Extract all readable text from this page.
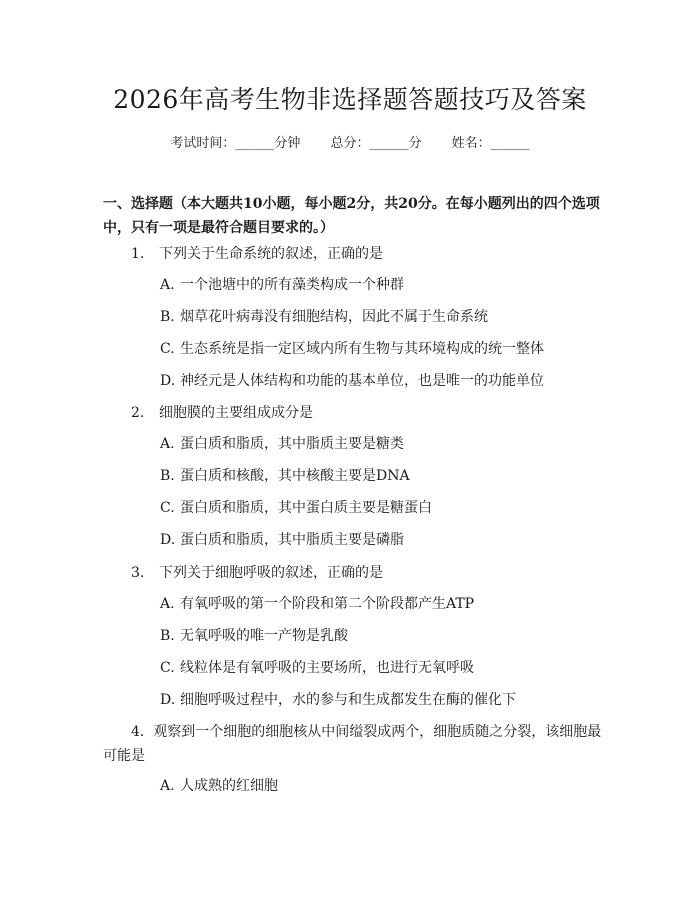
2026年高考生物非选择题答题技巧及答案
考试时间：______分钟 总分：______分 姓名：______

一、选择题（本大题共10小题，每小题2分，共20分。在每小题列出的四个选项中，只有一项是最符合题目要求的。）

1. 下列关于生命系统的叙述，正确的是
A. 一个池塘中的所有藻类构成一个种群
B. 烟草花叶病毒没有细胞结构，因此不属于生命系统
C. 生态系统是指一定区域内所有生物与其环境构成的统一整体
D. 神经元是人体结构和功能的基本单位，也是唯一的功能单位
2. 细胞膜的主要组成成分是
A. 蛋白质和脂质，其中脂质主要是糖类
B. 蛋白质和核酸，其中核酸主要是DNA
C. 蛋白质和脂质，其中蛋白质主要是糖蛋白
D. 蛋白质和脂质，其中脂质主要是磷脂
3. 下列关于细胞呼吸的叙述，正确的是
A. 有氧呼吸的第一个阶段和第二个阶段都产生ATP
B. 无氧呼吸的唯一产物是乳酸
C. 线粒体是有氧呼吸的主要场所，也进行无氧呼吸
D. 细胞呼吸过程中，水的参与和生成都发生在酶的催化下

4. 观察到一个细胞的细胞核从中间缢裂成两个，细胞质随之分裂，该细胞最可能是

A. 人成熟的红细胞
